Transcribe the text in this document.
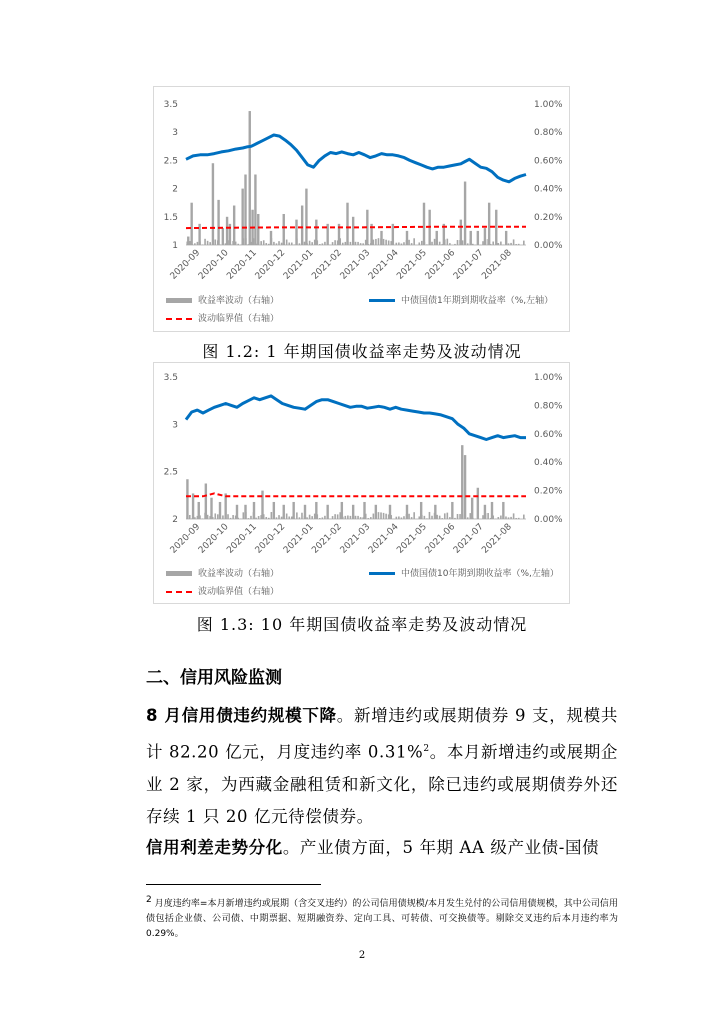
1
1.5
2
2.5
3
3.5
0.00%
0.20%
0.40%
0.60%
0.80%
1.00%
2020-09
2020-10
2020-11
2020-12
2021-01
2021-02
2021-03
2021-04
2021-05
2021-06
2021-07
2021-08
收益率波动（右轴）	中债国债1年期到期收益率（%,左轴）
波动临界值（右轴）
图 1.2: 1 年期国债收益率走势及波动情况
2
2.5
3
3.5
0.00%
0.20%
0.40%
0.60%
0.80%
1.00%
2020-09
2020-10
2020-11
2020-12
2021-01
2021-02
2021-03
2021-04
2021-05
2021-06
2021-07
2021-08
收益率波动（右轴）	中债国债10年期到期收益率（%,左轴）
波动临界值（右轴）
图 1.3: 10 年期国债收益率走势及波动情况
二、信用风险监测
8 月信用债违约规模下降。新增违约或展期债券 9 支，规模共计 82.20 亿元，月度违约率 0.31%$^2$。本月新增违约或展期企业 2 家，为西藏金融租赁和新文化，除已违约或展期债券外还存续 1 只 20 亿元待偿债券。
信用利差走势分化。产业债方面，5 年期 AA 级产业债-国债
2 月度违约率=本月新增违约或展期（含交叉违约）的公司信用债规模/本月发生兑付的公司信用债规模，其中公司信用债包括企业债、公司债、中期票据、短期融资券、定向工具、可转债、可交换债等。剔除交叉违约后本月违约率为 0.29%。
2
